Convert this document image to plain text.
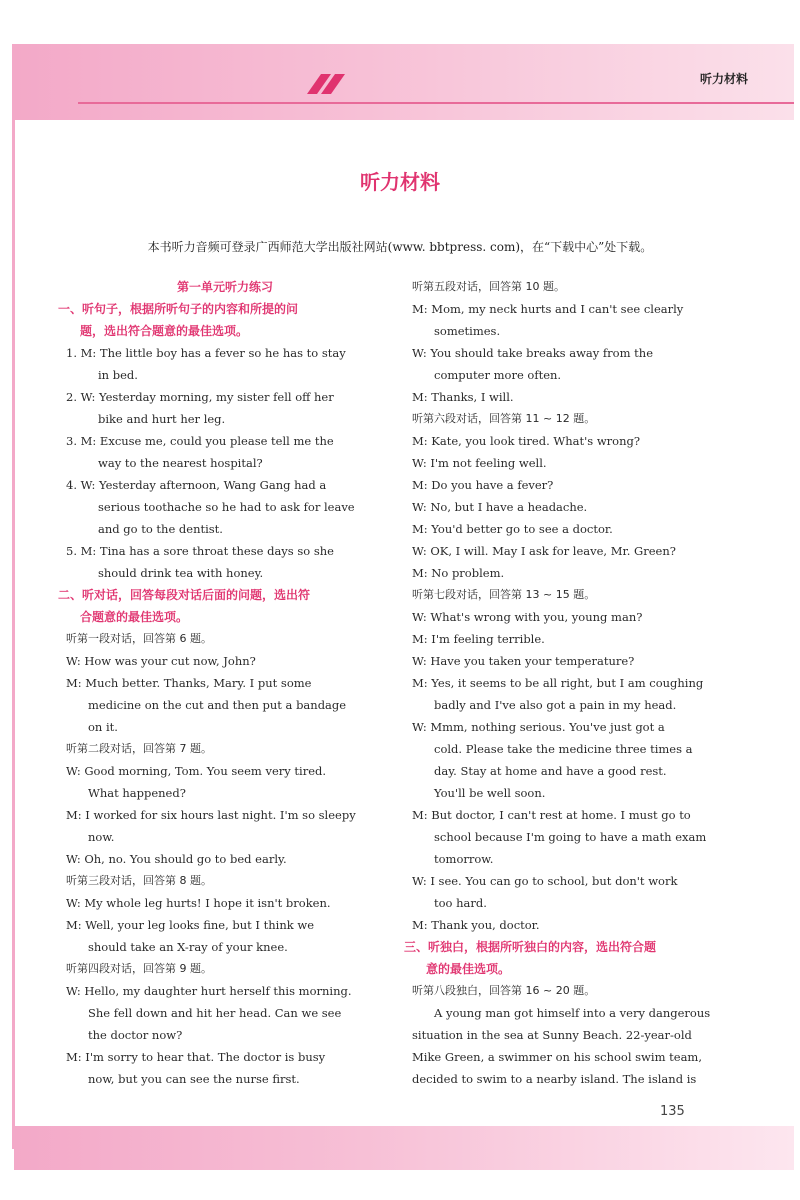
听力材料
听力材料
本书听力音频可登录广西师范大学出版社网站(www. bbtpress. com)，在“下载中心”处下载。
第一单元听力练习
一、听句子，根据所听句子的内容和所提的问
题，选出符合题意的最佳选项。
1. M: The little boy has a fever so he has to stay
in bed.
2. W: Yesterday morning, my sister fell off her
bike and hurt her leg.
3. M: Excuse me, could you please tell me the
way to the nearest hospital?
4. W: Yesterday afternoon, Wang Gang had a
serious toothache so he had to ask for leave
and go to the dentist.
5. M: Tina has a sore throat these days so she
should drink tea with honey.
二、听对话，回答每段对话后面的问题，选出符
合题意的最佳选项。
听第一段对话，回答第 6 题。
W: How was your cut now, John?
M: Much better. Thanks, Mary. I put some
medicine on the cut and then put a bandage
on it.
听第二段对话，回答第 7 题。
W: Good morning, Tom. You seem very tired.
What happened?
M: I worked for six hours last night. I'm so sleepy
now.
W: Oh, no. You should go to bed early.
听第三段对话，回答第 8 题。
W: My whole leg hurts! I hope it isn't broken.
M: Well, your leg looks fine, but I think we
should take an X-ray of your knee.
听第四段对话，回答第 9 题。
W: Hello, my daughter hurt herself this morning.
She fell down and hit her head. Can we see
the doctor now?
M: I'm sorry to hear that. The doctor is busy
now, but you can see the nurse first.
听第五段对话，回答第 10 题。
M: Mom, my neck hurts and I can't see clearly
sometimes.
W: You should take breaks away from the
computer more often.
M: Thanks, I will.
听第六段对话，回答第 11 ~ 12 题。
M: Kate, you look tired. What's wrong?
W: I'm not feeling well.
M: Do you have a fever?
W: No, but I have a headache.
M: You'd better go to see a doctor.
W: OK, I will. May I ask for leave, Mr. Green?
M: No problem.
听第七段对话，回答第 13 ~ 15 题。
W: What's wrong with you, young man?
M: I'm feeling terrible.
W: Have you taken your temperature?
M: Yes, it seems to be all right, but I am coughing
badly and I've also got a pain in my head.
W: Mmm, nothing serious. You've just got a
cold. Please take the medicine three times a
day. Stay at home and have a good rest.
You'll be well soon.
M: But doctor, I can't rest at home. I must go to
school because I'm going to have a math exam
tomorrow.
W: I see. You can go to school, but don't work
too hard.
M: Thank you, doctor.
三、听独白，根据所听独白的内容，选出符合题
意的最佳选项。
听第八段独白，回答第 16 ~ 20 题。
A young man got himself into a very dangerous
situation in the sea at Sunny Beach. 22-year-old
Mike Green, a swimmer on his school swim team,
decided to swim to a nearby island. The island is
135
